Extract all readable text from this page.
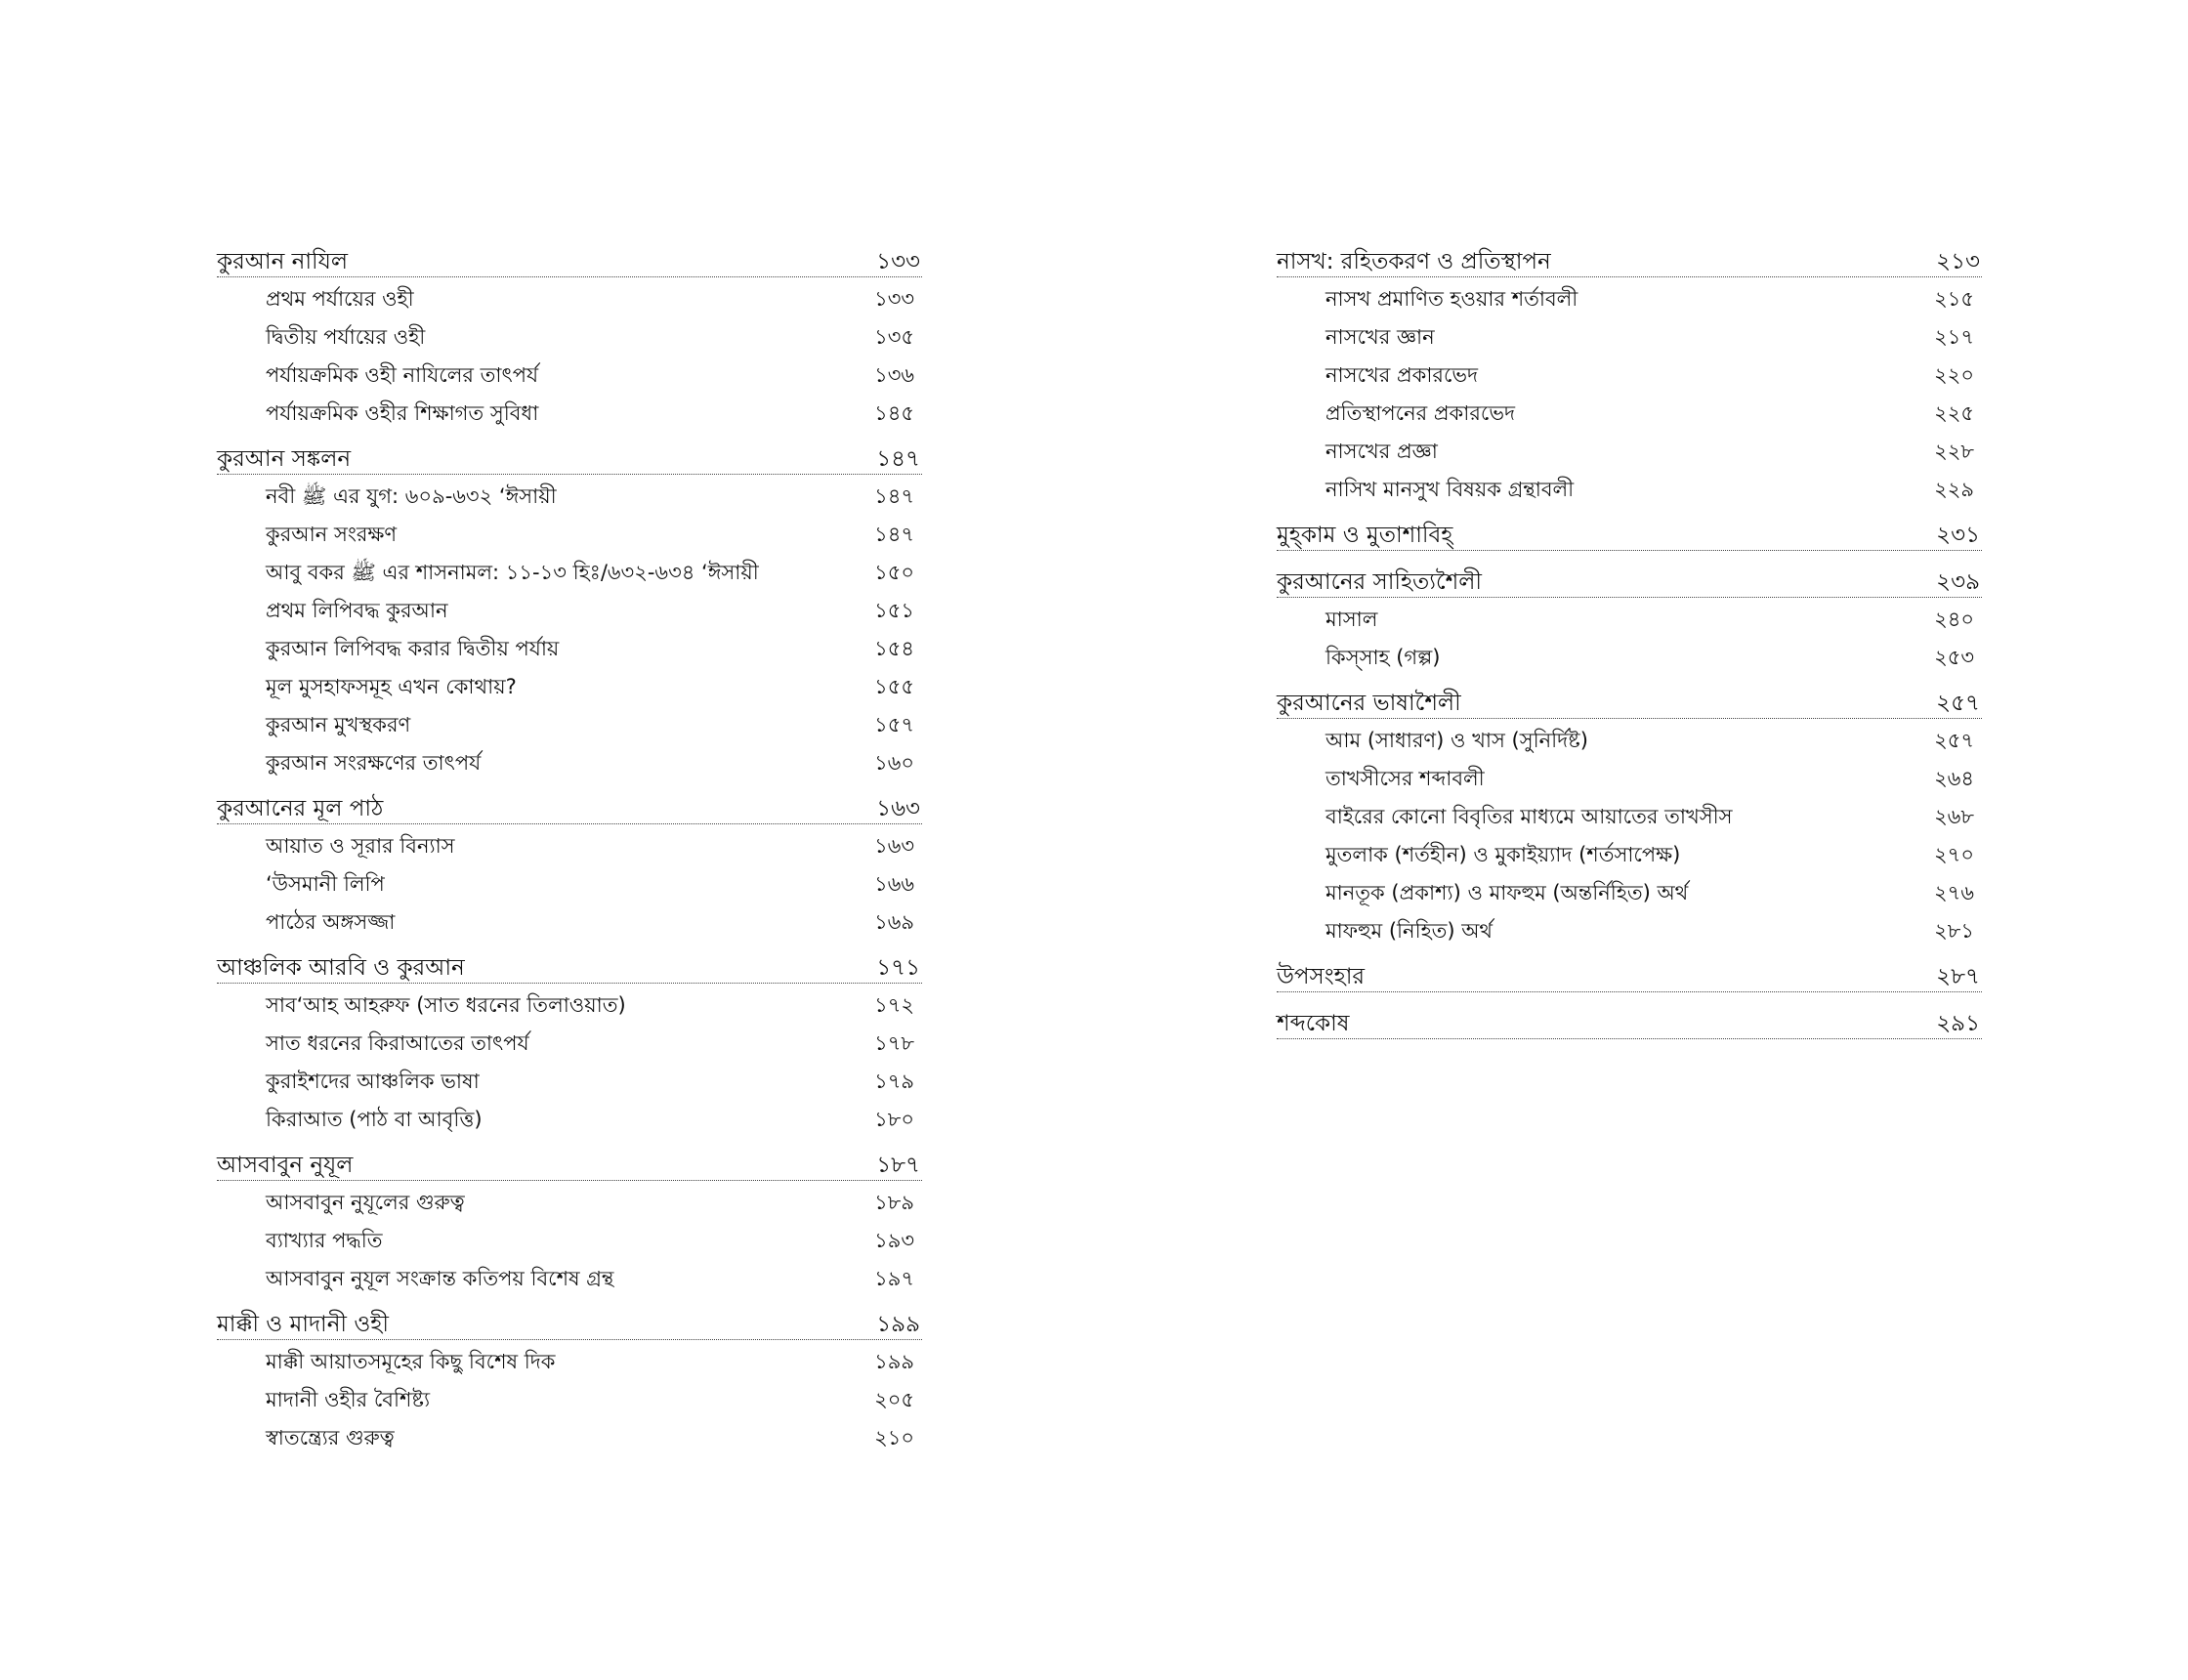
কুরআন নাযিল	১৩৩
প্রথম পর্যায়ের ওহী	১৩৩
দ্বিতীয় পর্যায়ের ওহী	১৩৫
পর্যায়ক্রমিক ওহী নাযিলের তাৎপর্য	১৩৬
পর্যায়ক্রমিক ওহীর শিক্ষাগত সুবিধা	১৪৫
কুরআন সঙ্কলন	১৪৭
নবী ﷺ এর যুগ: ৬০৯-৬৩২ ‘ঈসায়ী	১৪৭
কুরআন সংরক্ষণ	১৪৭
আবু বকর ﷺ এর শাসনামল: ১১-১৩ হিঃ/৬৩২-৬৩৪ ‘ঈসায়ী	১৫০
প্রথম লিপিবদ্ধ কুরআন	১৫১
কুরআন লিপিবদ্ধ করার দ্বিতীয় পর্যায়	১৫৪
মূল মুসহাফসমূহ এখন কোথায়?	১৫৫
কুরআন মুখস্থকরণ	১৫৭
কুরআন সংরক্ষণের তাৎপর্য	১৬০
কুরআনের মূল পাঠ	১৬৩
আয়াত ও সূরার বিন্যাস	১৬৩
‘উসমানী লিপি	১৬৬
পাঠের অঙ্গসজ্জা	১৬৯
আঞ্চলিক আরবি ও কুরআন	১৭১
সাব‘আহ আহরুফ (সাত ধরনের তিলাওয়াত)	১৭২
সাত ধরনের কিরাআতের তাৎপর্য	১৭৮
কুরাইশদের আঞ্চলিক ভাষা	১৭৯
কিরাআত (পাঠ বা আবৃত্তি)	১৮০
আসবাবুন নুযূল	১৮৭
আসবাবুন নুযূলের গুরুত্ব	১৮৯
ব্যাখ্যার পদ্ধতি	১৯৩
আসবাবুন নুযূল সংক্রান্ত কতিপয় বিশেষ গ্রন্থ	১৯৭
মাক্কী ও মাদানী ওহী	১৯৯
মাক্কী আয়াতসমূহের কিছু বিশেষ দিক	১৯৯
মাদানী ওহীর বৈশিষ্ট্য	২০৫
স্বাতন্ত্র্যের গুরুত্ব	২১০
নাসখ: রহিতকরণ ও প্রতিস্থাপন	২১৩
নাসখ প্রমাণিত হওয়ার শর্তাবলী	২১৫
নাসখের জ্ঞান	২১৭
নাসখের প্রকারভেদ	২২০
প্রতিস্থাপনের প্রকারভেদ	২২৫
নাসখের প্রজ্ঞা	২২৮
নাসিখ মানসুখ বিষয়ক গ্রন্থাবলী	২২৯
মুহ্‌কাম ও মুতাশাবিহ্‌	২৩১
কুরআনের সাহিত্যশৈলী	২৩৯
মাসাল	২৪০
কিস্‌সাহ (গল্প)	২৫৩
কুরআনের ভাষাশৈলী	২৫৭
আম (সাধারণ) ও খাস (সুনির্দিষ্ট)	২৫৭
তাখসীসের শব্দাবলী	২৬৪
বাইরের কোনো বিবৃতির মাধ্যমে আয়াতের তাখসীস	২৬৮
মুতলাক (শর্তহীন) ও মুকাইয়্যাদ (শর্তসাপেক্ষ)	২৭০
মানতূক (প্রকাশ্য) ও মাফহুম (অন্তর্নিহিত) অর্থ	২৭৬
মাফহুম (নিহিত) অর্থ	২৮১
উপসংহার	২৮৭
শব্দকোষ	২৯১
